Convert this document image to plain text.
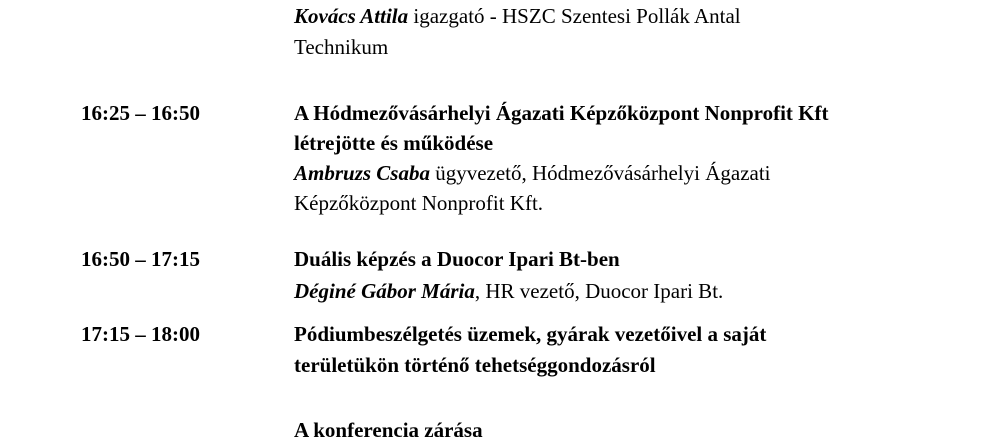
Kovács Attila igazgató - HSZC Szentesi Pollák Antal
Technikum
16:25 – 16:50	A Hódmezővásárhelyi Ágazati Képzőközpont Nonprofit Kft
létrejötte és működése
Ambruzs Csaba ügyvezető, Hódmezővásárhelyi Ágazati
Képzőközpont Nonprofit Kft.
16:50 – 17:15	Duális képzés a Duocor Ipari Bt-ben
Déginé Gábor Mária, HR vezető, Duocor Ipari Bt.
17:15 – 18:00	Pódiumbeszélgetés üzemek, gyárak vezetőivel a saját
területükön történő tehetséggondozásról
A konferencia zárása
